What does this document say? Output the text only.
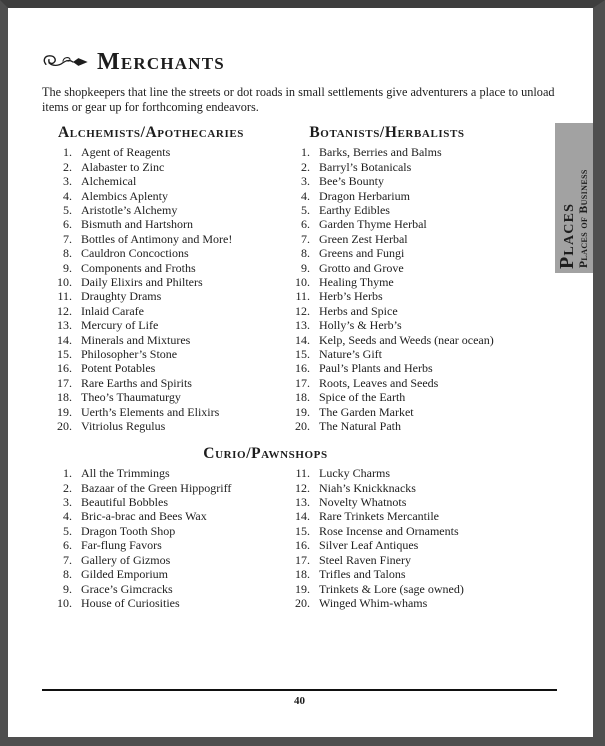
Merchants

The shopkeepers that line the streets or dot roads in small settlements give adventurers a place to unload items or gear up for forthcoming endeavors.

Alchemists/Apothecaries
1. Agent of Reagents
2. Alabaster to Zinc
3. Alchemical
4. Alembics Aplenty
5. Aristotle’s Alchemy
6. Bismuth and Hartshorn
7. Bottles of Antimony and More!
8. Cauldron Concoctions
9. Components and Froths
10. Daily Elixirs and Philters
11. Draughty Drams
12. Inlaid Carafe
13. Mercury of Life
14. Minerals and Mixtures
15. Philosopher’s Stone
16. Potent Potables
17. Rare Earths and Spirits
18. Theo’s Thaumaturgy
19. Uerth’s Elements and Elixirs
20. Vitriolus Regulus
Botanists/Herbalists
1. Barks, Berries and Balms
2. Barryl’s Botanicals
3. Bee’s Bounty
4. Dragon Herbarium
5. Earthy Edibles
6. Garden Thyme Herbal
7. Green Zest Herbal
8. Greens and Fungi
9. Grotto and Grove
10. Healing Thyme
11. Herb’s Herbs
12. Herbs and Spice
13. Holly’s & Herb’s
14. Kelp, Seeds and Weeds (near ocean)
15. Nature’s Gift
16. Paul’s Plants and Herbs
17. Roots, Leaves and Seeds
18. Spice of the Earth
19. The Garden Market
20. The Natural Path
Curio/Pawnshops
1. All the Trimmings
2. Bazaar of the Green Hippogriff
3. Beautiful Bobbles
4. Bric-a-brac and Bees Wax
5. Dragon Tooth Shop
6. Far-flung Favors
7. Gallery of Gizmos
8. Gilded Emporium
9. Grace’s Gimcracks
10. House of Curiosities
11. Lucky Charms
12. Niah’s Knickknacks
13. Novelty Whatnots
14. Rare Trinkets Mercantile
15. Rose Incense and Ornaments
16. Silver Leaf Antiques
17. Steel Raven Finery
18. Trifles and Talons
19. Trinkets & Lore (sage owned)
20. Winged Whim-whams
40
Places Places of Business
